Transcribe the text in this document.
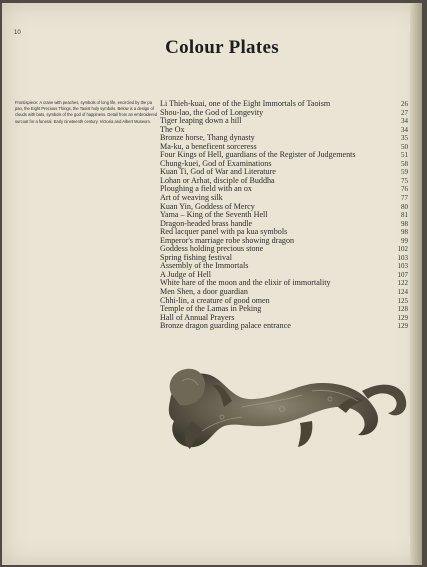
10
Colour Plates
Frontispiece: A crane with peaches, symbols of long life, encircled by the pa pao, the Eight Precious Things, the Taoist holy symbols. Below is a design of clouds with bats, symbols of the god of happiness. Detail from an embroidered surcoat for a funeral. Early nineteenth century. Victoria and Albert Museum.
Li Thieh-kuai, one of the Eight Immortals of Taoism	26
Shou-lao, the God of Longevity	27
Tiger leaping down a hill	34
The Ox	34
Bronze horse, Thang dynasty	35
Ma-ku, a beneficent sorceress	50
Four Kings of Hell, guardians of the Register of Judgements	51
Chung-kuei, God of Examinations	58
Kuan Ti, God of War and Literature	59
Lohan or Arhat, disciple of Buddha	75
Ploughing a field with an ox	76
Art of weaving silk	77
Kuan Yin, Goddess of Mercy	80
Yama – King of the Seventh Hell	81
Dragon-headed brass handle	98
Red lacquer panel with pa kua symbols	98
Emperor's marriage robe showing dragon	99
Goddess holding precious stone	102
Spring fishing festival	103
Assembly of the Immortals	103
A Judge of Hell	107
White hare of the moon and the elixir of immortality	122
Men Shen, a door guardian	124
Chhi-lin, a creature of good omen	125
Temple of the Lamas in Peking	128
Hall of Annual Prayers	129
Bronze dragon guarding palace entrance	129
